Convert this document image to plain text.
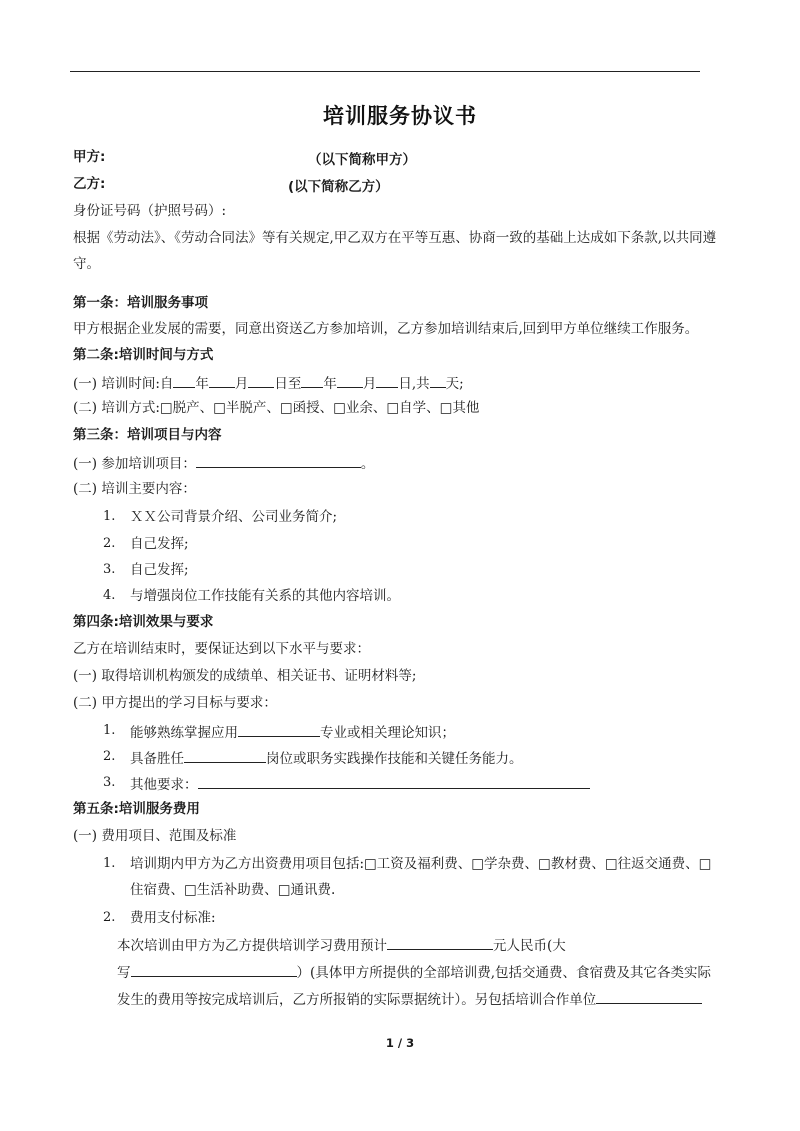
培训服务协议书
甲方:	（以下简称甲方）
乙方:	(以下简称乙方）
身份证号码（护照号码）:
根据《劳动法》、《劳动合同法》等有关规定,甲乙双方在平等互惠、协商一致的基础上达成如下条款,以共同遵守。
第一条：培训服务事项
甲方根据企业发展的需要，同意出资送乙方参加培训，乙方参加培训结束后,回到甲方单位继续工作服务。
第二条:培训时间与方式
(一) 培训时间:自 年 月 日至 年 月 日,共 天;
(二) 培训方式:□脱产、□半脱产、□函授、□业余、□自学、□其他
第三条：培训项目与内容
(一) 参加培训项目：	。
(二) 培训主要内容：
1. ＸＸ公司背景介绍、公司业务简介;
2. 自己发挥;
3. 自己发挥;
4. 与增强岗位工作技能有关系的其他内容培训。
第四条:培训效果与要求
乙方在培训结束时，要保证达到以下水平与要求：
(一) 取得培训机构颁发的成绩单、相关证书、证明材料等;
(二) 甲方提出的学习目标与要求：
1. 能够熟练掌握应用	专业或相关理论知识；
2. 具备胜任	岗位或职务实践操作技能和关键任务能力。
3. 其他要求：
第五条:培训服务费用
(一) 费用项目、范围及标准
1. 培训期内甲方为乙方出资费用项目包括:□工资及福利费、□学杂费、□教材费、□往返交通费、□
住宿费、□生活补助费、□通讯费.
2. 费用支付标准:
本次培训由甲方为乙方提供培训学习费用预计	元人民币(大
写	）(具体甲方所提供的全部培训费,包括交通费、食宿费及其它各类实际
发生的费用等按完成培训后，乙方所报销的实际票据统计）。另包括培训合作单位
1 / 3
